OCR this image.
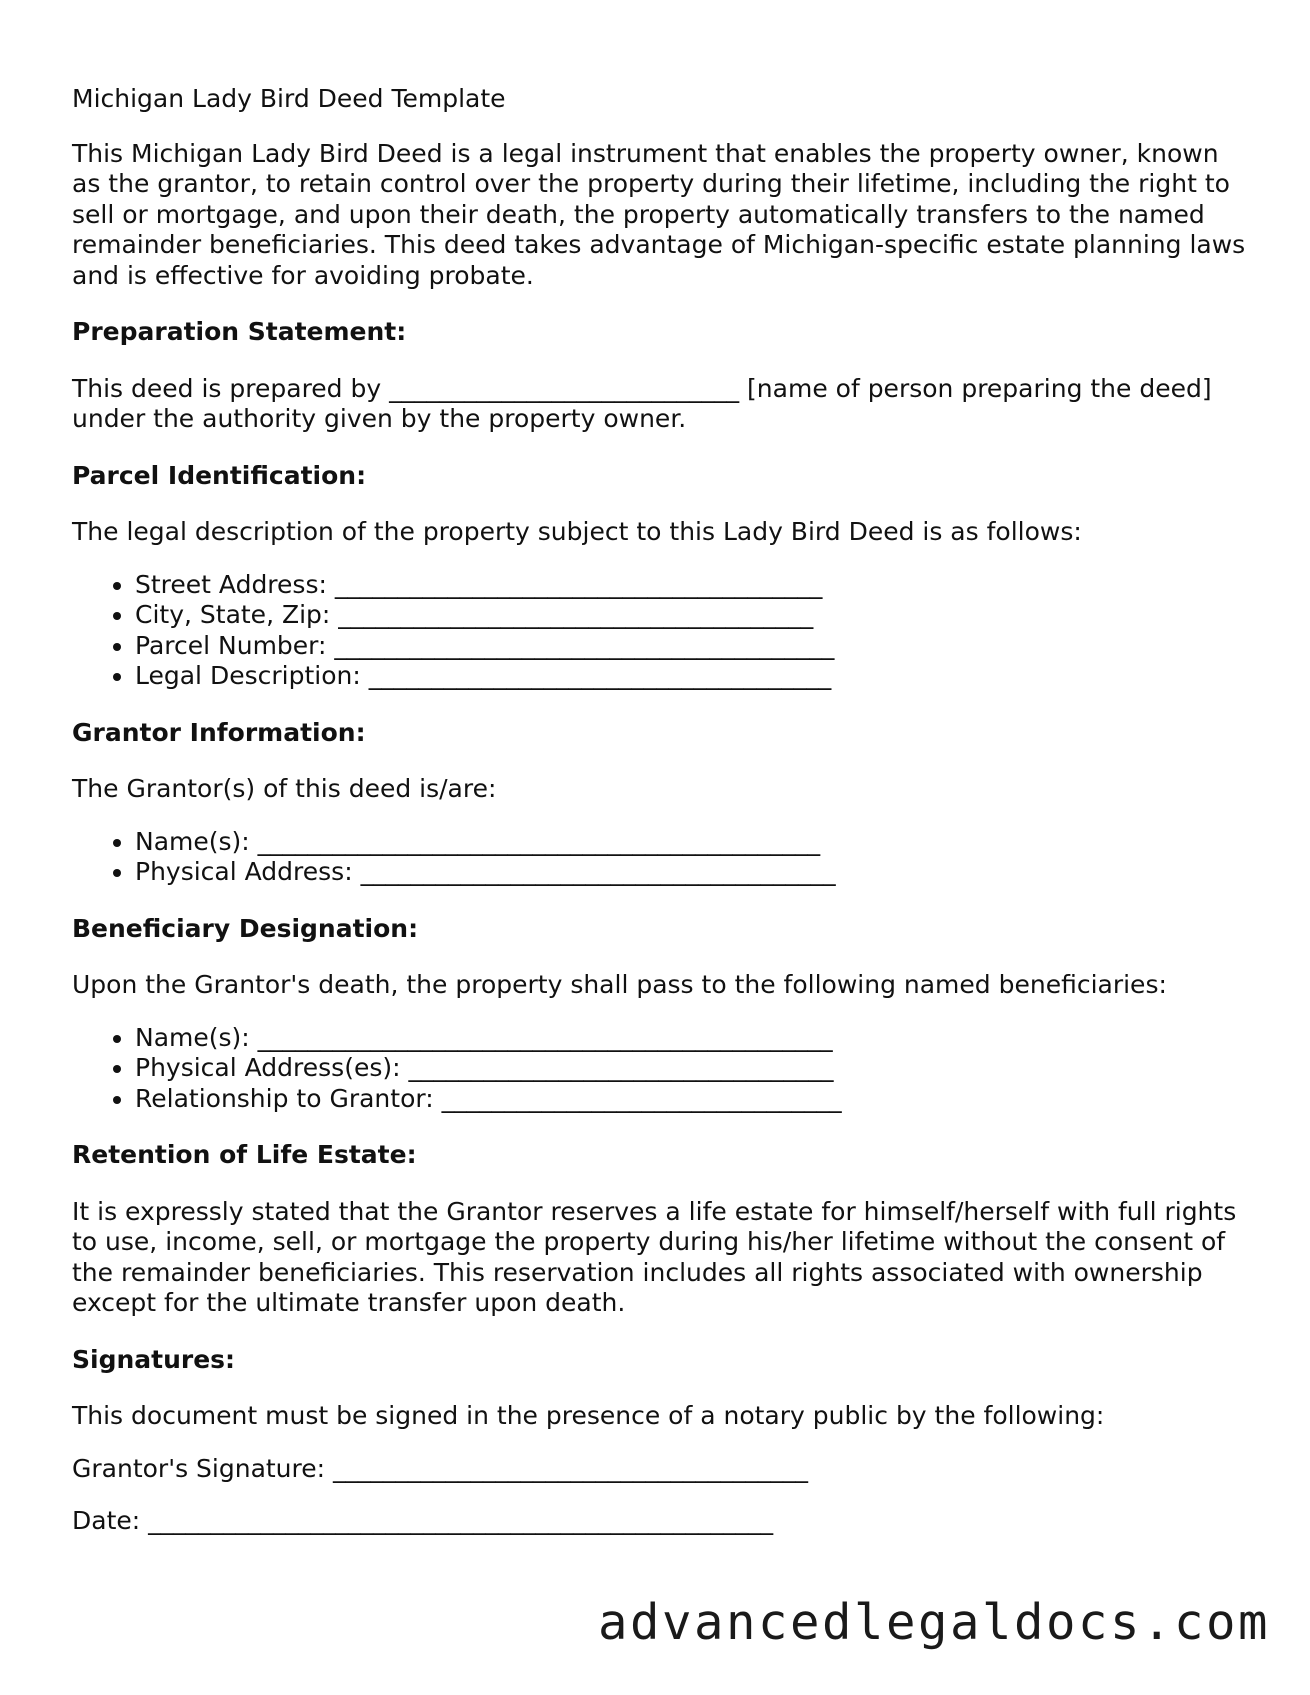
Michigan Lady Bird Deed Template

This Michigan Lady Bird Deed is a legal instrument that enables the property owner, known as the grantor, to retain control over the property during their lifetime, including the right to sell or mortgage, and upon their death, the property automatically transfers to the named remainder beneficiaries. This deed takes advantage of Michigan-specific estate planning laws and is effective for avoiding probate.

Preparation Statement:

This deed is prepared by ____________________________ [name of person preparing the deed] under the authority given by the property owner.

Parcel Identification:

The legal description of the property subject to this Lady Bird Deed is as follows:

• Street Address: _______________________________________
• City, State, Zip: ______________________________________
• Parcel Number: ________________________________________
• Legal Description: _____________________________________
Grantor Information:

The Grantor(s) of this deed is/are:

• Name(s): _____________________________________________
• Physical Address: ______________________________________
Beneficiary Designation:

Upon the Grantor's death, the property shall pass to the following named beneficiaries:

• Name(s): ______________________________________________
• Physical Address(es): __________________________________
• Relationship to Grantor: ________________________________
Retention of Life Estate:

It is expressly stated that the Grantor reserves a life estate for himself/herself with full rights to use, income, sell, or mortgage the property during his/her lifetime without the consent of the remainder beneficiaries. This reservation includes all rights associated with ownership except for the ultimate transfer upon death.

Signatures:

This document must be signed in the presence of a notary public by the following:

Grantor's Signature: ______________________________________

Date: __________________________________________________

advancedlegaldocs.com
